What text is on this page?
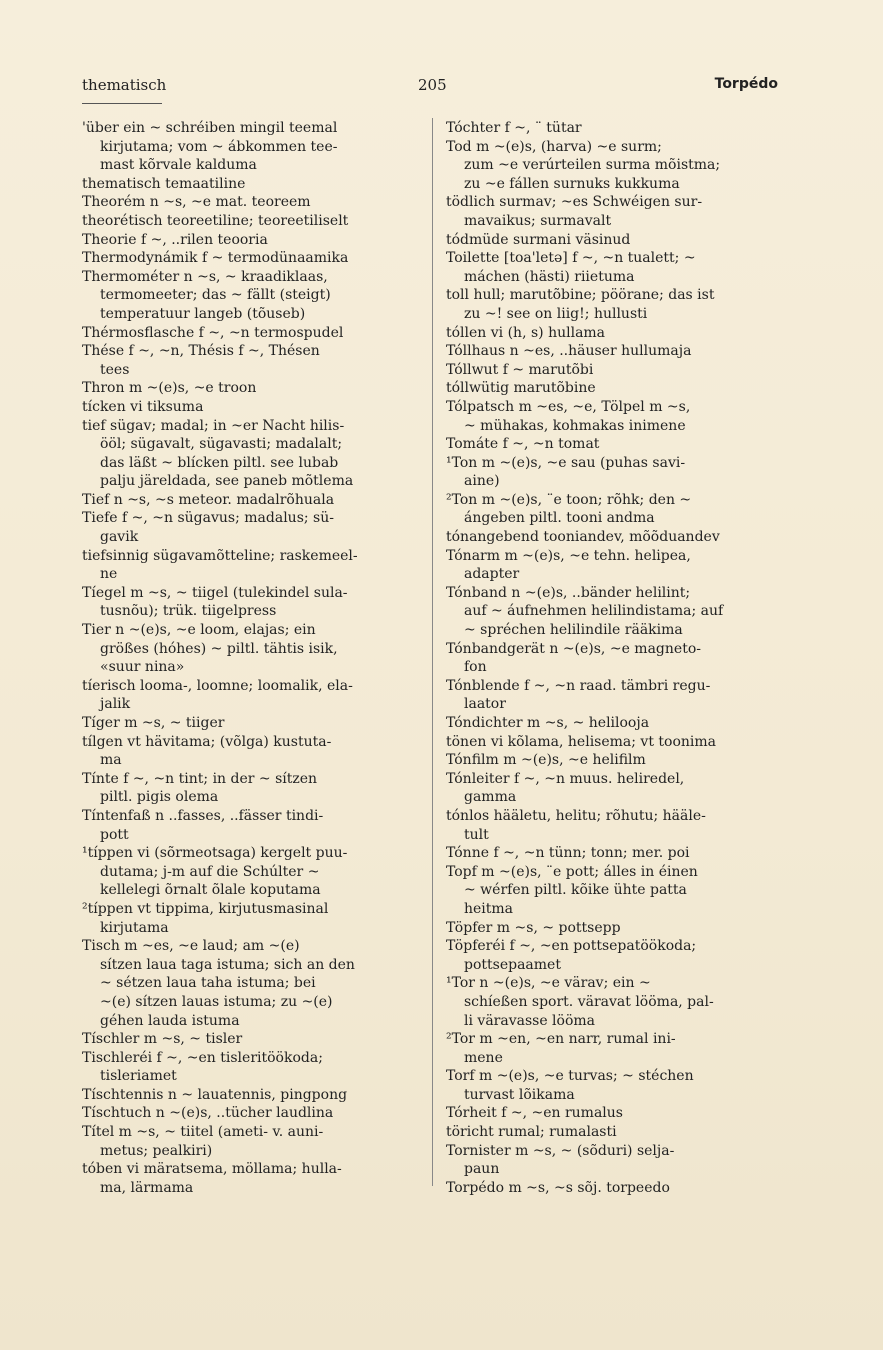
thematisch	205	Torpédo
'über ein ~ schréiben mingil teemal
kirjutama; vom ~ ábkommen tee-
mast kõrvale kalduma
thematisch temaatiline
Theorém n ~s, ~e mat. teoreem
theorétisch teoreetiline; teoreetiliselt
Theorie f ~, ..rilen teooria
Thermodynámik f ~ termodünaamika
Thermométer n ~s, ~ kraadiklaas,
termomeeter; das ~ fällt (steigt)
temperatuur langeb (tõuseb)
Thérmosflasche f ~, ~n termospudel
Thése f ~, ~n, Thésis f ~, Thésen
tees
Thron m ~(e)s, ~e troon
tícken vi tiksuma
tief sügav; madal; in ~er Nacht hilis-
ööl; sügavalt, sügavasti; madalalt;
das läßt ~ blícken piltl. see lubab
palju järeldada, see paneb mõtlema
Tief n ~s, ~s meteor. madalrõhuala
Tiefe f ~, ~n sügavus; madalus; sü-
gavik
tiefsinnig sügavamõtteline; raskemeel-
ne
Tíegel m ~s, ~ tiigel (tulekindel sula-
tusnõu); trük. tiigelpress
Tier n ~(e)s, ~e loom, elajas; ein
größes (hóhes) ~ piltl. tähtis isik,
«suur nina»
tíerisch looma-, loomne; loomalik, ela-
jalik
Tíger m ~s, ~ tiiger
tílgen vt hävitama; (võlga) kustuta-
ma
Tínte f ~, ~n tint; in der ~ sítzen
piltl. pigis olema
Tíntenfaß n ..fasses, ..fässer tindi-
pott
¹típpen vi (sõrmeotsaga) kergelt puu-
dutama; j-m auf die Schúlter ~
kellelegi õrnalt õlale koputama
²típpen vt tippima, kirjutusmasinal
kirjutama
Tisch m ~es, ~e laud; am ~(e)
sítzen laua taga istuma; sich an den
~ sétzen laua taha istuma; bei
~(e) sítzen lauas istuma; zu ~(e)
géhen lauda istuma
Tíschler m ~s, ~ tisler
Tischleréi f ~, ~en tisleritöökoda;
tisleriamet
Tíschtennis n ~ lauatennis, pingpong
Tíschtuch n ~(e)s, ..tücher laudlina
Títel m ~s, ~ tiitel (ameti- v. auni-
metus; pealkiri)
tóben vi märatsema, möllama; hulla-
ma, lärmama
Tóchter f ~, ¨ tütar
Tod m ~(e)s, (harva) ~e surm;
zum ~e verúrteilen surma mõistma;
zu ~e fállen surnuks kukkuma
tödlich surmav; ~es Schwéigen sur-
mavaikus; surmavalt
tódmüde surmani väsinud
Toilette [toa'letə] f ~, ~n tualett; ~
máchen (hästi) riietuma
toll hull; marutõbine; pöörane; das ist
zu ~! see on liig!; hullusti
tóllen vi (h, s) hullama
Tóllhaus n ~es, ..häuser hullumaja
Tóllwut f ~ marutõbi
tóllwütig marutõbine
Tólpatsch m ~es, ~e, Tölpel m ~s,
~ mühakas, kohmakas inimene
Tomáte f ~, ~n tomat
¹Ton m ~(e)s, ~e sau (puhas savi-
aine)
²Ton m ~(e)s, ¨e toon; rõhk; den ~
ángeben piltl. tooni andma
tónangebend tooniandev, mõõduandev
Tónarm m ~(e)s, ~e tehn. helipea,
adapter
Tónband n ~(e)s, ..bänder helilint;
auf ~ áufnehmen helilindistama; auf
~ spréchen helilindile rääkima
Tónbandgerät n ~(e)s, ~e magneto-
fon
Tónblende f ~, ~n raad. tämbri regu-
laator
Tóndichter m ~s, ~ helilooja
tönen vi kõlama, helisema; vt toonima
Tónfilm m ~(e)s, ~e helifilm
Tónleiter f ~, ~n muus. heliredel,
gamma
tónlos hääletu, helitu; rõhutu; hääle-
tult
Tónne f ~, ~n tünn; tonn; mer. poi
Topf m ~(e)s, ¨e pott; álles in éinen
~ wérfen piltl. kõike ühte patta
heitma
Töpfer m ~s, ~ pottsepp
Töpferéi f ~, ~en pottsepatöökoda;
pottsepaamet
¹Tor n ~(e)s, ~e värav; ein ~
schíeßen sport. väravat lööma, pal-
li väravasse lööma
²Tor m ~en, ~en narr, rumal ini-
mene
Torf m ~(e)s, ~e turvas; ~ stéchen
turvast lõikama
Tórheit f ~, ~en rumalus
töricht rumal; rumalasti
Tornister m ~s, ~ (sõduri) selja-
paun
Torpédo m ~s, ~s sõj. torpeedo
